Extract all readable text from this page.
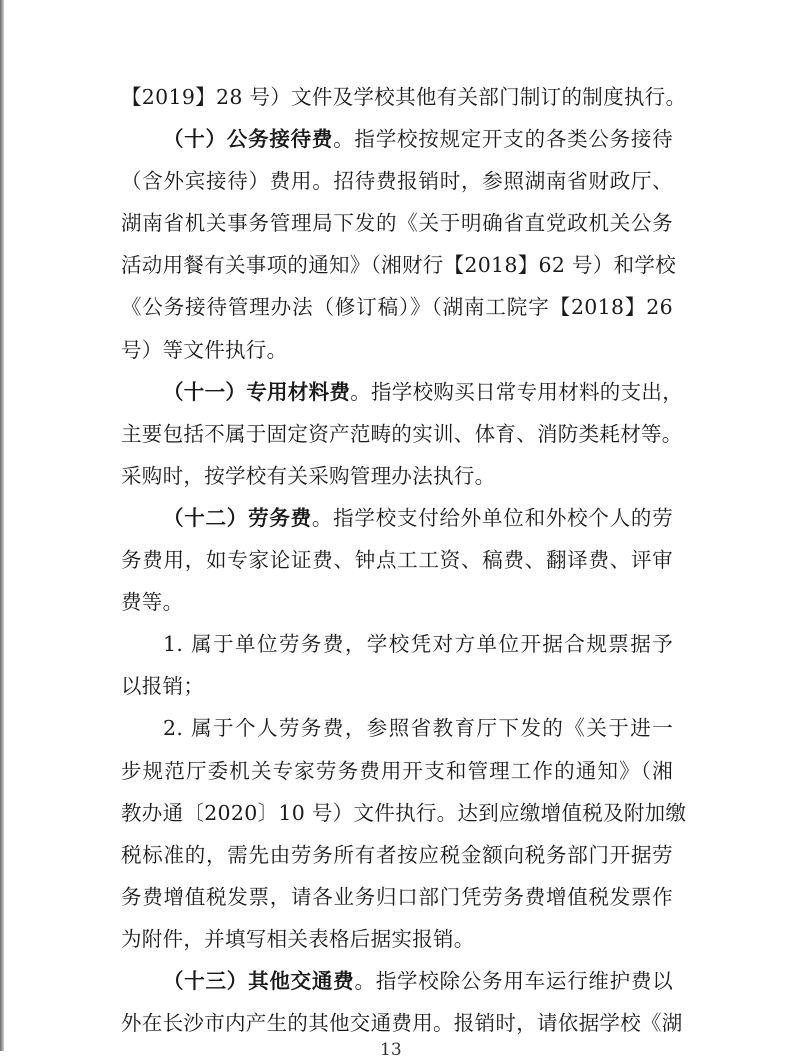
【2019】28 号）文件及学校其他有关部门制订的制度执行。
（十）公务接待费。指学校按规定开支的各类公务接待
（含外宾接待）费用。招待费报销时，参照湖南省财政厅、
湖南省机关事务管理局下发的《关于明确省直党政机关公务
活动用餐有关事项的通知》（湘财行【2018】62 号）和学校
《公务接待管理办法（修订稿）》（湖南工院字【2018】26
号）等文件执行。
（十一）专用材料费。指学校购买日常专用材料的支出，
主要包括不属于固定资产范畴的实训、体育、消防类耗材等。
采购时，按学校有关采购管理办法执行。
（十二）劳务费。指学校支付给外单位和外校个人的劳
务费用，如专家论证费、钟点工工资、稿费、翻译费、评审
费等。
1. 属于单位劳务费，学校凭对方单位开据合规票据予
以报销；
2. 属于个人劳务费，参照省教育厅下发的《关于进一
步规范厅委机关专家劳务费用开支和管理工作的通知》（湘
教办通〔2020〕10 号）文件执行。达到应缴增值税及附加缴
税标准的，需先由劳务所有者按应税金额向税务部门开据劳
务费增值税发票，请各业务归口部门凭劳务费增值税发票作
为附件，并填写相关表格后据实报销。
（十三）其他交通费。指学校除公务用车运行维护费以
外在长沙市内产生的其他交通费用。报销时，请依据学校《湖
13
